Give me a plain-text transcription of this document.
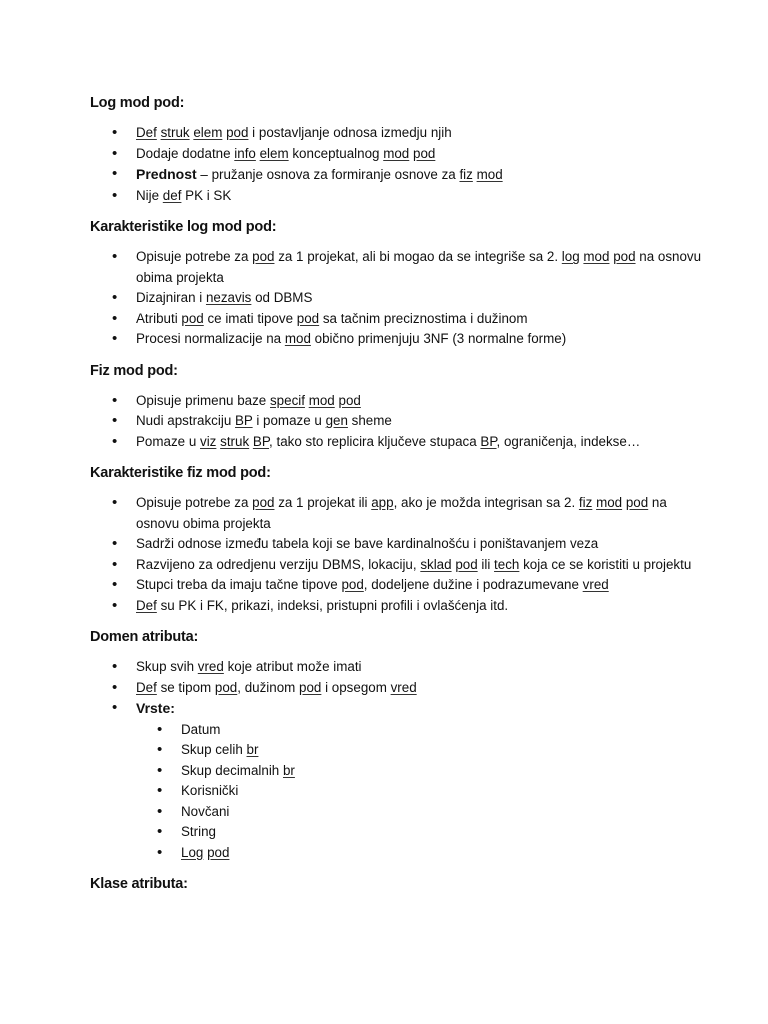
Log mod pod:

• Def struk elem pod i postavljanje odnosa izmedju njih
• Dodaje dodatne info elem konceptualnog mod pod
• Prednost – pružanje osnova za formiranje osnove za fiz mod
• Nije def PK i SK

Karakteristike log mod pod:

• Opisuje potrebe za pod za 1 projekat, ali bi mogao da se integriše sa 2. log mod pod na osnovu obima projekta
• Dizajniran i nezavis od DBMS
• Atributi pod ce imati tipove pod sa tačnim preciznostima i dužinom
• Procesi normalizacije na mod obično primenjuju 3NF (3 normalne forme)

Fiz mod pod:

• Opisuje primenu baze specif mod pod
• Nudi apstrakciju BP i pomaze u gen sheme
• Pomaze u viz struk BP, tako sto replicira ključeve stupaca BP, ograničenja, indekse…

Karakteristike fiz mod pod:

• Opisuje potrebe za pod za 1 projekat ili app, ako je možda integrisan sa 2. fiz mod pod na osnovu obima projekta
• Sadrži odnose između tabela koji se bave kardinalnošću i poništavanjem veza
• Razvijeno za odredjenu verziju DBMS, lokaciju, sklad pod ili tech koja ce se koristiti u projektu
• Stupci treba da imaju tačne tipove pod, dodeljene dužine i podrazumevane vred
• Def su PK i FK, prikazi, indeksi, pristupni profili i ovlašćenja itd.

Domen atributa:

• Skup svih vred koje atribut može imati
• Def se tipom pod, dužinom pod i opsegom vred
• Vrste:
• Datum
• Skup celih br
• Skup decimalnih br
• Korisnički
• Novčani
• String
• Log pod

Klase atributa:
